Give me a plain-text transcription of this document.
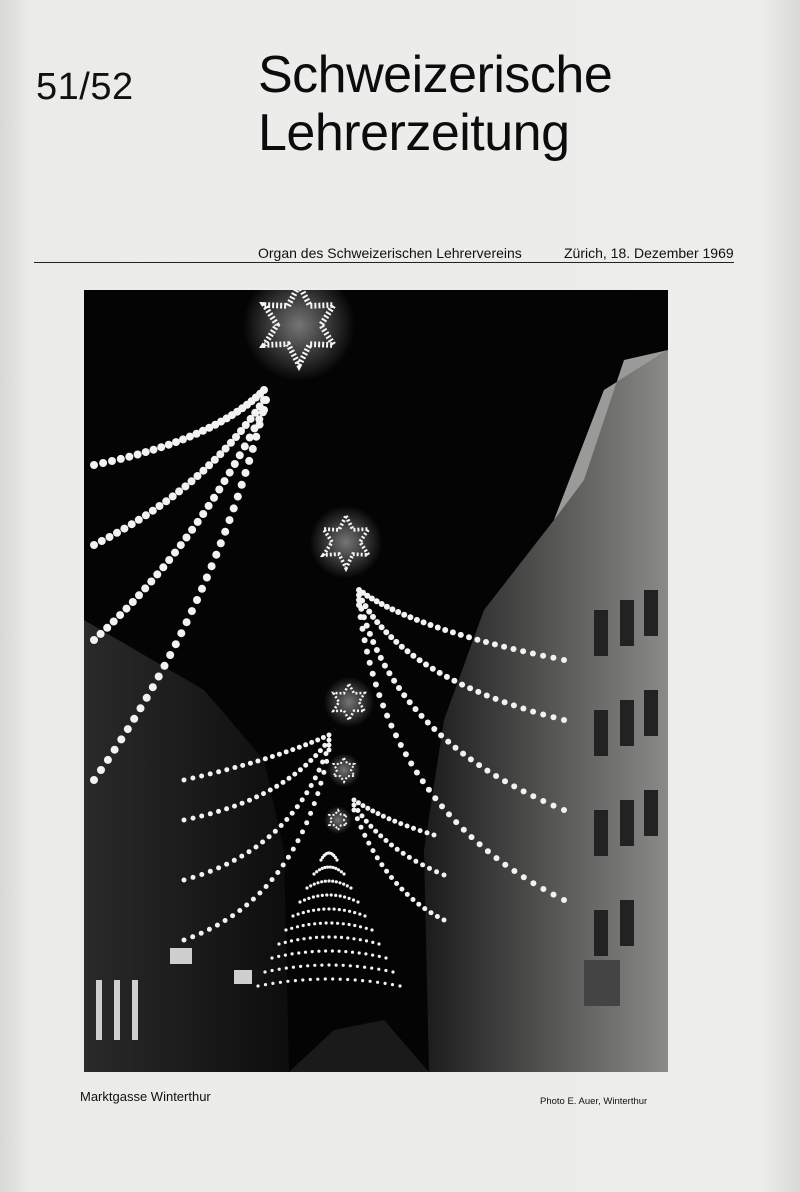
51/52 Schweizerische
Lehrerzeitung
Organ des Schweizerischen Lehrervereins	Zürich, 18. Dezember 1969
Marktgasse Winterthur	Photo E. Auer, Winterthur
